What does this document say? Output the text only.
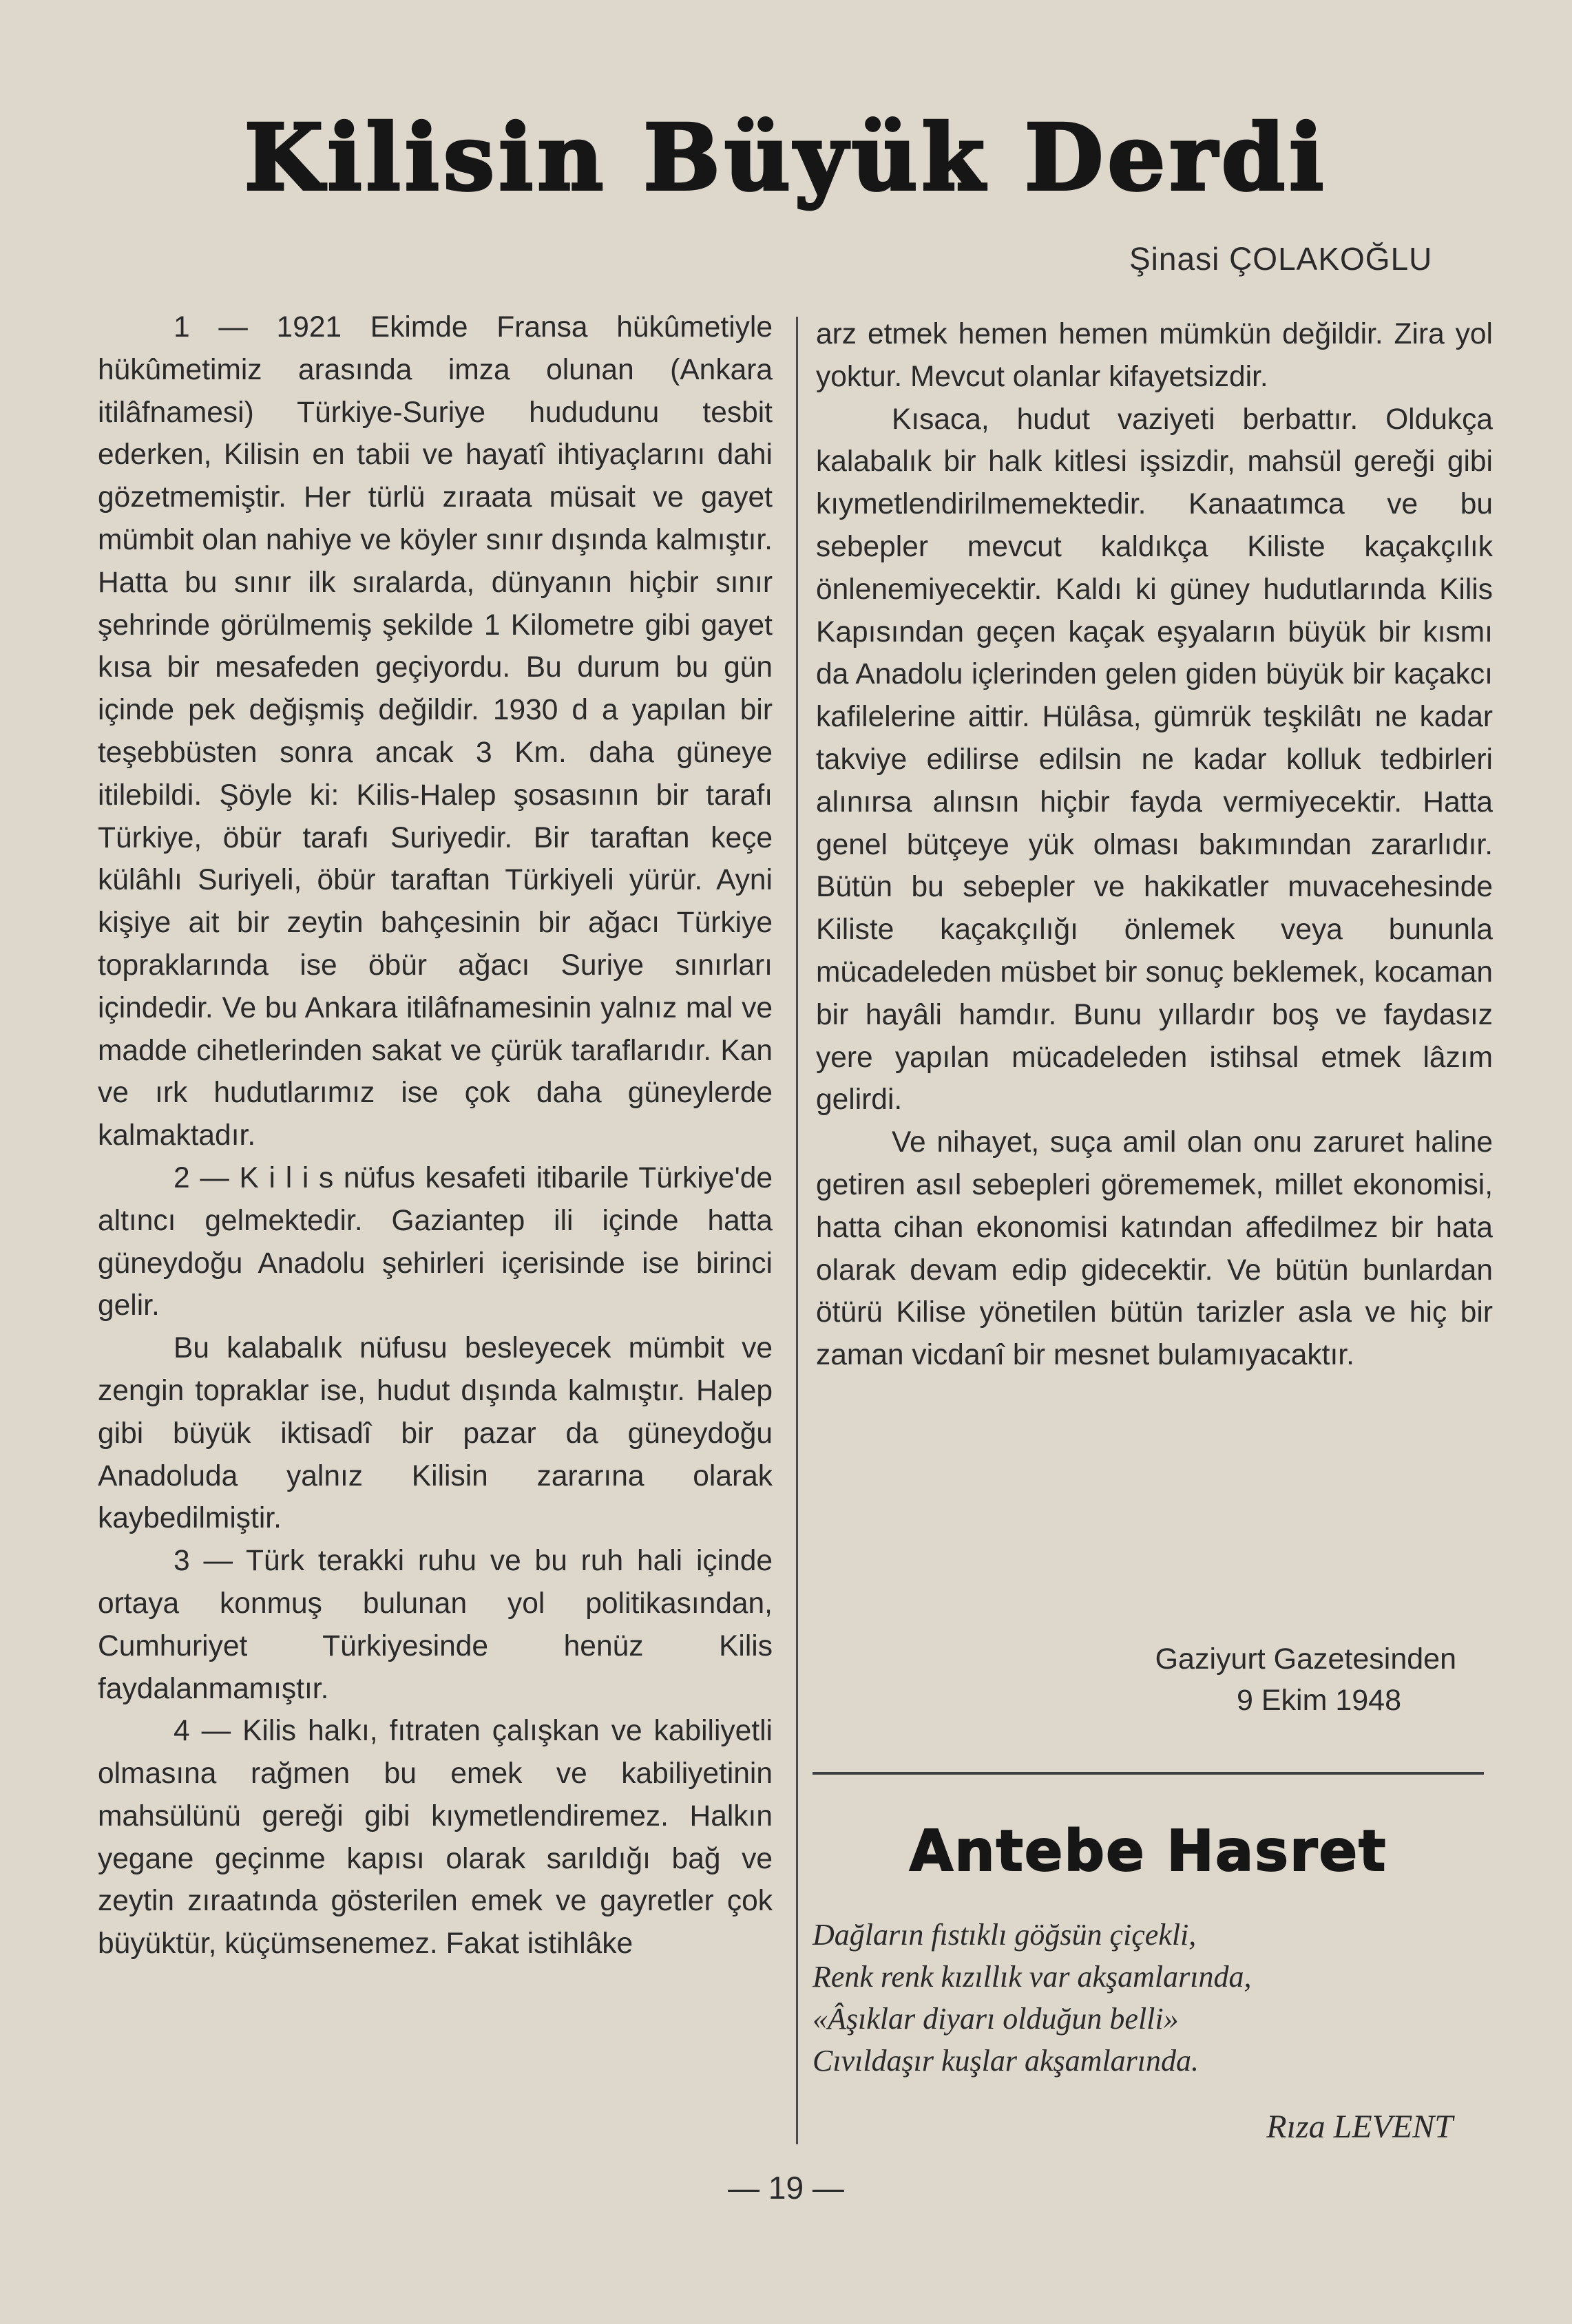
Kilisin Büyük Derdi
Şinasi ÇOLAKOĞLU

1 — 1921 Ekimde Fransa hükûmetiyle hükûmetimiz arasında imza olunan (Ankara itilâfnamesi) Türkiye-Suriye hududunu tesbit ederken, Kilisin en tabii ve hayatî ihtiyaçlarını dahi gözetmemiştir. Her türlü zıraata müsait ve gayet mümbit olan nahiye ve köyler sınır dışında kalmıştır. Hatta bu sınır ilk sıralarda, dünyanın hiçbir sınır şehrinde görülmemiş şekilde 1 Kilometre gibi gayet kısa bir mesafeden geçiyordu. Bu durum bu gün içinde pek değişmiş değildir. 1930 d a yapılan bir teşebbüsten sonra ancak 3 Km. daha güneye itilebildi. Şöyle ki: Kilis-Halep şosasının bir tarafı Türkiye, öbür tarafı Suriyedir. Bir taraftan keçe külâhlı Suriyeli, öbür taraftan Türkiyeli yürür. Ayni kişiye ait bir zeytin bahçesinin bir ağacı Türkiye topraklarında ise öbür ağacı Suriye sınırları içindedir. Ve bu Ankara itilâfnamesinin yalnız mal ve madde cihetlerinden sakat ve çürük taraflarıdır. Kan ve ırk hudutlarımız ise çok daha güneylerde kalmaktadır.

2 — K i l i s nüfus kesafeti itibarile Türkiye'de altıncı gelmektedir. Gaziantep ili içinde hatta güneydoğu Anadolu şehirleri içerisinde ise birinci gelir.

Bu kalabalık nüfusu besleyecek mümbit ve zengin topraklar ise, hudut dışında kalmıştır. Halep gibi büyük iktisadî bir pazar da güneydoğu Anadoluda yalnız Kilisin zararına olarak kaybedilmiştir.

3 — Türk terakki ruhu ve bu ruh hali içinde ortaya konmuş bulunan yol politikasından, Cumhuriyet Türkiyesinde henüz Kilis faydalanmamıştır.

4 — Kilis halkı, fıtraten çalışkan ve kabiliyetli olmasına rağmen bu emek ve kabiliyetinin mahsülünü gereği gibi kıymetlendiremez. Halkın yegane geçinme kapısı olarak sarıldığı bağ ve zeytin zıraatında gösterilen emek ve gayretler çok büyüktür, küçümsenemez. Fakat istihlâke

arz etmek hemen hemen mümkün değildir. Zira yol yoktur. Mevcut olanlar kifayetsizdir.

Kısaca, hudut vaziyeti berbattır. Oldukça kalabalık bir halk kitlesi işsizdir, mahsül gereği gibi kıymetlendirilmemektedir. Kanaatımca ve bu sebepler mevcut kaldıkça Kiliste kaçakçılık önlenemiyecektir. Kaldı ki güney hudutlarında Kilis Kapısından geçen kaçak eşyaların büyük bir kısmı da Anadolu içlerinden gelen giden büyük bir kaçakcı kafilelerine aittir. Hülâsa, gümrük teşkilâtı ne kadar takviye edilirse edilsin ne kadar kolluk tedbirleri alınırsa alınsın hiçbir fayda vermiyecektir. Hatta genel bütçeye yük olması bakımından zararlıdır. Bütün bu sebepler ve hakikatler muvacehesinde Kiliste kaçakçılığı önlemek veya bununla mücadeleden müsbet bir sonuç beklemek, kocaman bir hayâli hamdır. Bunu yıllardır boş ve faydasız yere yapılan mücadeleden istihsal etmek lâzım gelirdi.

Ve nihayet, suça amil olan onu zaruret haline getiren asıl sebepleri görememek, millet ekonomisi, hatta cihan ekonomisi katından affedilmez bir hata olarak devam edip gidecektir. Ve bütün bunlardan ötürü Kilise yönetilen bütün tarizler asla ve hiç bir zaman vicdanî bir mesnet bulamıyacaktır.

Gaziyurt Gazetesinden
9 Ekim 1948
Antebe Hasret
Dağların fıstıklı göğsün çiçekli,
Renk renk kızıllık var akşamlarında,
«Âşıklar diyarı olduğun belli»
Cıvıldaşır kuşlar akşamlarında.
Rıza LEVENT
— 19 —
